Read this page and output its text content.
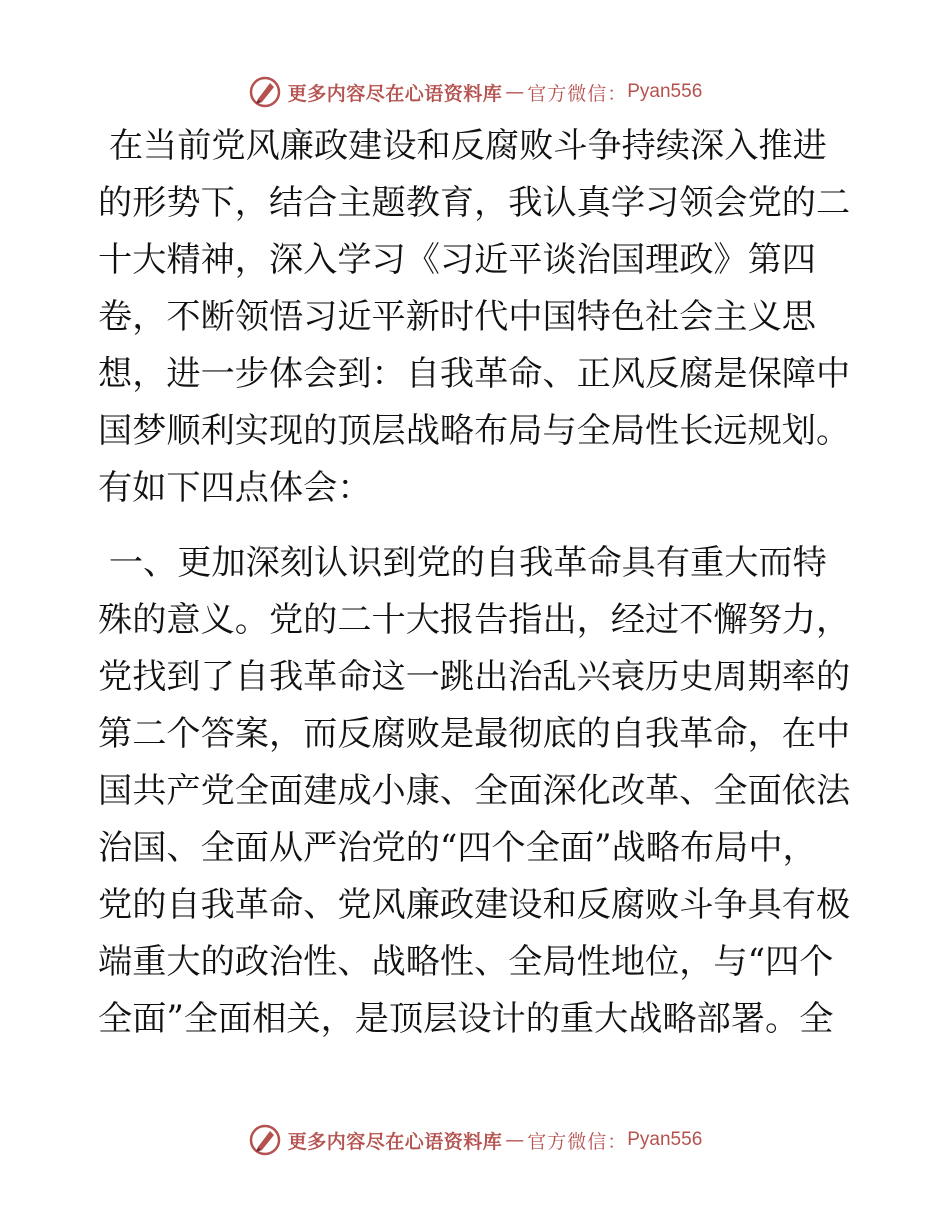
更多内容尽在心语资料库 — 官方微信： Pyan556

在当前党风廉政建设和反腐败斗争持续深入推进

的形势下，结合主题教育，我认真学习领会党的二

十大精神，深入学习《习近平谈治国理政》第四

卷，不断领悟习近平新时代中国特色社会主义思

想，进一步体会到：自我革命、正风反腐是保障中

国梦顺利实现的顶层战略布局与全局性长远规划。

有如下四点体会：

一、更加深刻认识到党的自我革命具有重大而特

殊的意义。党的二十大报告指出，经过不懈努力，

党找到了自我革命这一跳出治乱兴衰历史周期率的

第二个答案，而反腐败是最彻底的自我革命，在中

国共产党全面建成小康、全面深化改革、全面依法

治国、全面从严治党的“四个全面”战略布局中，

党的自我革命、党风廉政建设和反腐败斗争具有极

端重大的政治性、战略性、全局性地位，与“四个

全面”全面相关，是顶层设计的重大战略部署。全

更多内容尽在心语资料库 — 官方微信： Pyan556
